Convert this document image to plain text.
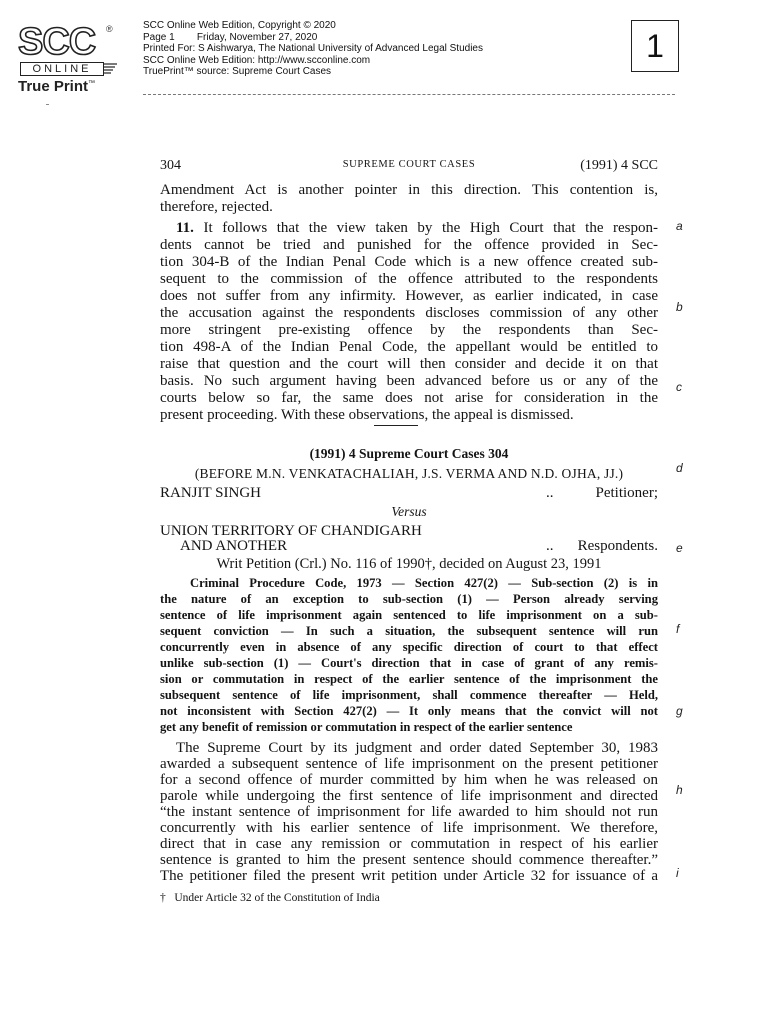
SCC ®
ONLINE
True Print™
SCC Online Web Edition, Copyright © 2020
Page 1        Friday, November 27, 2020
Printed For: S Aishwarya, The National University of Advanced Legal Studies
SCC Online Web Edition: http://www.scconline.com
TruePrint™ source: Supreme Court Cases
1
304	SUPREME COURT CASES	(1991) 4 SCC
Amendment Act is another pointer in this direction. This contention is,
therefore, rejected.
11. It follows that the view taken by the High Court that the respon-
dents cannot be tried and punished for the offence provided in Sec-
tion 304-B of the Indian Penal Code which is a new offence created sub-
sequent to the commission of the offence attributed to the respondents
does not suffer from any infirmity. However, as earlier indicated, in case
the accusation against the respondents discloses commission of any other
more stringent pre-existing offence by the respondents than Sec-
tion 498-A of the Indian Penal Code, the appellant would be entitled to
raise that question and the court will then consider and decide it on that
basis. No such argument having been advanced before us or any of the
courts below so far, the same does not arise for consideration in the
present proceeding. With these observations, the appeal is dismissed.
(1991) 4 Supreme Court Cases 304
(BEFORE M.N. VENKATACHALIAH, J.S. VERMA AND N.D. OJHA, JJ.)
RANJIT SINGH	..	Petitioner;
Versus
UNION TERRITORY OF CHANDIGARH
AND ANOTHER	.. Respondents.
Writ Petition (Crl.) No. 116 of 1990†, decided on August 23, 1991
Criminal Procedure Code, 1973 — Section 427(2) — Sub-section (2) is in
the nature of an exception to sub-section (1) — Person already serving
sentence of life imprisonment again sentenced to life imprisonment on a sub-
sequent conviction — In such a situation, the subsequent sentence will run
concurrently even in absence of any specific direction of court to that effect
unlike sub-section (1) — Court's direction that in case of grant of any remis-
sion or commutation in respect of the earlier sentence of the imprisonment the
subsequent sentence of life imprisonment, shall commence thereafter — Held,
not inconsistent with Section 427(2) — It only means that the convict will not
get any benefit of remission or commutation in respect of the earlier sentence
The Supreme Court by its judgment and order dated September 30, 1983
awarded a subsequent sentence of life imprisonment on the present petitioner
for a second offence of murder committed by him when he was released on
parole while undergoing the first sentence of life imprisonment and directed
“the instant sentence of imprisonment for life awarded to him should not run
concurrently with his earlier sentence of life imprisonment. We therefore,
direct that in case any remission or commutation in respect of his earlier
sentence is granted to him the present sentence should commence thereafter.”
The petitioner filed the present writ petition under Article 32 for issuance of a
†   Under Article 32 of the Constitution of India
a
b
c
d
e
f
g
h
i
